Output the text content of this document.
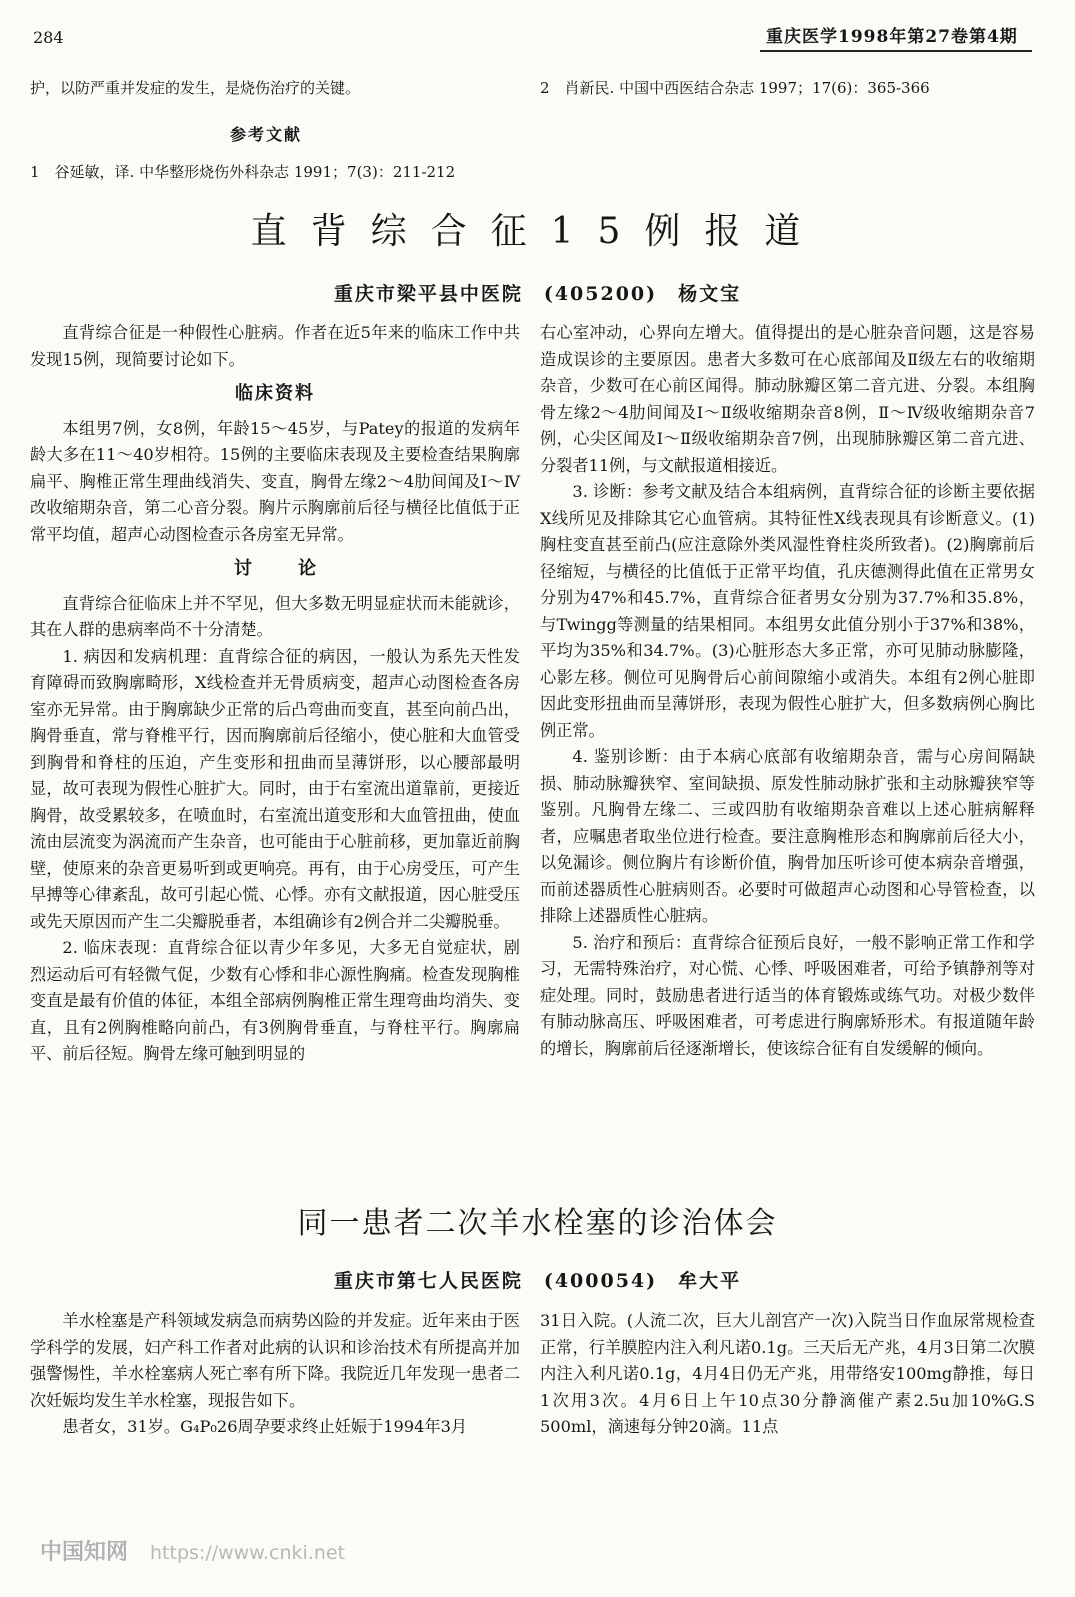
284	重庆医学1998年第27卷第4期
护，以防严重并发症的发生，是烧伤治疗的关键。
参考文献
1　谷延敏，译. 中华整形烧伤外科杂志 1991；7(3)：211-212
2　肖新民. 中国中西医结合杂志 1997；17(6)：365-366
直背综合征15例报道
重庆市梁平县中医院　(405200)　杨文宝

直背综合征是一种假性心脏病。作者在近5年来的临床工作中共发现15例，现简要讨论如下。

临床资料

本组男7例，女8例，年龄15～45岁，与Patey的报道的发病年龄大多在11～40岁相符。15例的主要临床表现及主要检查结果胸廓扁平、胸椎正常生理曲线消失、变直，胸骨左缘2～4肋间闻及Ⅰ～Ⅳ改收缩期杂音，第二心音分裂。胸片示胸廓前后径与横径比值低于正常平均值，超声心动图检查示各房室无异常。

讨论

直背综合征临床上并不罕见，但大多数无明显症状而未能就诊，其在人群的患病率尚不十分清楚。

1. 病因和发病机理：直背综合征的病因，一般认为系先天性发育障碍而致胸廓畸形，X线检查并无骨质病变，超声心动图检查各房室亦无异常。由于胸廓缺少正常的后凸弯曲而变直，甚至向前凸出，胸骨垂直，常与脊椎平行，因而胸廓前后径缩小，使心脏和大血管受到胸骨和脊柱的压迫，产生变形和扭曲而呈薄饼形，以心腰部最明显，故可表现为假性心脏扩大。同时，由于右室流出道靠前，更接近胸骨，故受累较多，在喷血时，右室流出道变形和大血管扭曲，使血流由层流变为涡流而产生杂音，也可能由于心脏前移，更加靠近前胸壁，使原来的杂音更易听到或更响亮。再有，由于心房受压，可产生早搏等心律紊乱，故可引起心慌、心悸。亦有文献报道，因心脏受压或先天原因而产生二尖瓣脱垂者，本组确诊有2例合并二尖瓣脱垂。

2. 临床表现：直背综合征以青少年多见，大多无自觉症状，剧烈运动后可有轻微气促，少数有心悸和非心源性胸痛。检查发现胸椎变直是最有价值的体征，本组全部病例胸椎正常生理弯曲均消失、变直，且有2例胸椎略向前凸，有3例胸骨垂直，与脊柱平行。胸廓扁平、前后径短。胸骨左缘可触到明显的

右心室冲动，心界向左增大。值得提出的是心脏杂音问题，这是容易造成误诊的主要原因。患者大多数可在心底部闻及Ⅱ级左右的收缩期杂音，少数可在心前区闻得。肺动脉瓣区第二音亢进、分裂。本组胸骨左缘2～4肋间闻及Ⅰ～Ⅱ级收缩期杂音8例，Ⅱ～Ⅳ级收缩期杂音7例，心尖区闻及Ⅰ～Ⅱ级收缩期杂音7例，出现肺脉瓣区第二音亢进、分裂者11例，与文献报道相接近。

3. 诊断：参考文献及结合本组病例，直背综合征的诊断主要依据X线所见及排除其它心血管病。其特征性X线表现具有诊断意义。(1)胸柱变直甚至前凸(应注意除外类风湿性脊柱炎所致者)。(2)胸廓前后径缩短，与横径的比值低于正常平均值，孔庆德测得此值在正常男女分别为47%和45.7%，直背综合征者男女分别为37.7%和35.8%，与Twingg等测量的结果相同。本组男女此值分别小于37%和38%，平均为35%和34.7%。(3)心脏形态大多正常，亦可见肺动脉膨隆，心影左移。侧位可见胸骨后心前间隙缩小或消失。本组有2例心脏即因此变形扭曲而呈薄饼形，表现为假性心脏扩大，但多数病例心胸比例正常。

4. 鉴别诊断：由于本病心底部有收缩期杂音，需与心房间隔缺损、肺动脉瓣狭窄、室间缺损、原发性肺动脉扩张和主动脉瓣狭窄等鉴别。凡胸骨左缘二、三或四肋有收缩期杂音难以上述心脏病解释者，应嘱患者取坐位进行检查。要注意胸椎形态和胸廓前后径大小，以免漏诊。侧位胸片有诊断价值，胸骨加压听诊可使本病杂音增强，而前述器质性心脏病则否。必要时可做超声心动图和心导管检查，以排除上述器质性心脏病。

5. 治疗和预后：直背综合征预后良好，一般不影响正常工作和学习，无需特殊治疗，对心慌、心悸、呼吸困难者，可给予镇静剂等对症处理。同时，鼓励患者进行适当的体育锻炼或练气功。对极少数伴有肺动脉高压、呼吸困难者，可考虑进行胸廓矫形术。有报道随年龄的增长，胸廓前后径逐渐增长，使该综合征有自发缓解的倾向。

同一患者二次羊水栓塞的诊治体会
重庆市第七人民医院　(400054)　牟大平

羊水栓塞是产科领域发病急而病势凶险的并发症。近年来由于医学科学的发展，妇产科工作者对此病的认识和诊治技术有所提高并加强警惕性，羊水栓塞病人死亡率有所下降。我院近几年发现一患者二次妊娠均发生羊水栓塞，现报告如下。

患者女，31岁。G₄P₀26周孕要求终止妊娠于1994年3月

31日入院。(人流二次，巨大儿剖宫产一次)入院当日作血尿常规检查正常，行羊膜腔内注入利凡诺0.1g。三天后无产兆，4月3日第二次膜内注入利凡诺0.1g，4月4日仍无产兆，用带络安100mg静推，每日1次用3次。4月6日上午10点30分静滴催产素2.5u加10%G.S　500ml，滴速每分钟20滴。11点

中国知网 https://www.cnki.net
